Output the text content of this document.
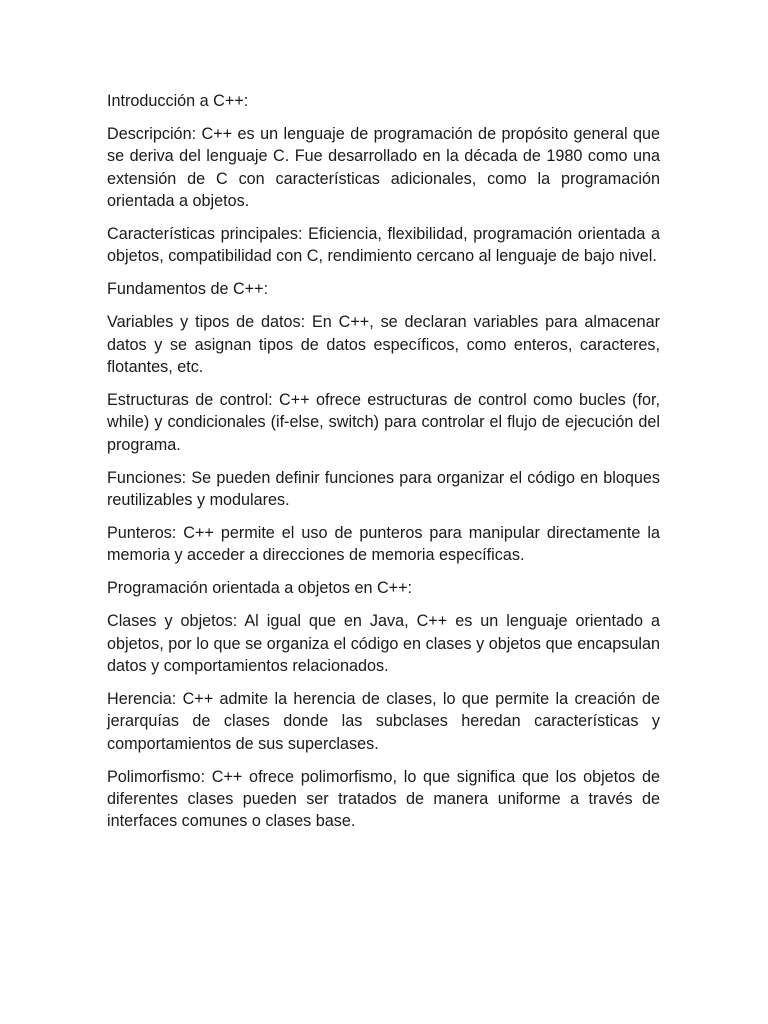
Introducción a C++:

Descripción: C++ es un lenguaje de programación de propósito general que se deriva del lenguaje C. Fue desarrollado en la década de 1980 como una extensión de C con características adicionales, como la programación orientada a objetos.

Características principales: Eficiencia, flexibilidad, programación orientada a objetos, compatibilidad con C, rendimiento cercano al lenguaje de bajo nivel.

Fundamentos de C++:

Variables y tipos de datos: En C++, se declaran variables para almacenar datos y se asignan tipos de datos específicos, como enteros, caracteres, flotantes, etc.

Estructuras de control: C++ ofrece estructuras de control como bucles (for, while) y condicionales (if-else, switch) para controlar el flujo de ejecución del programa.

Funciones: Se pueden definir funciones para organizar el código en bloques reutilizables y modulares.

Punteros: C++ permite el uso de punteros para manipular directamente la memoria y acceder a direcciones de memoria específicas.

Programación orientada a objetos en C++:

Clases y objetos: Al igual que en Java, C++ es un lenguaje orientado a objetos, por lo que se organiza el código en clases y objetos que encapsulan datos y comportamientos relacionados.

Herencia: C++ admite la herencia de clases, lo que permite la creación de jerarquías de clases donde las subclases heredan características y comportamientos de sus superclases.

Polimorfismo: C++ ofrece polimorfismo, lo que significa que los objetos de diferentes clases pueden ser tratados de manera uniforme a través de interfaces comunes o clases base.
